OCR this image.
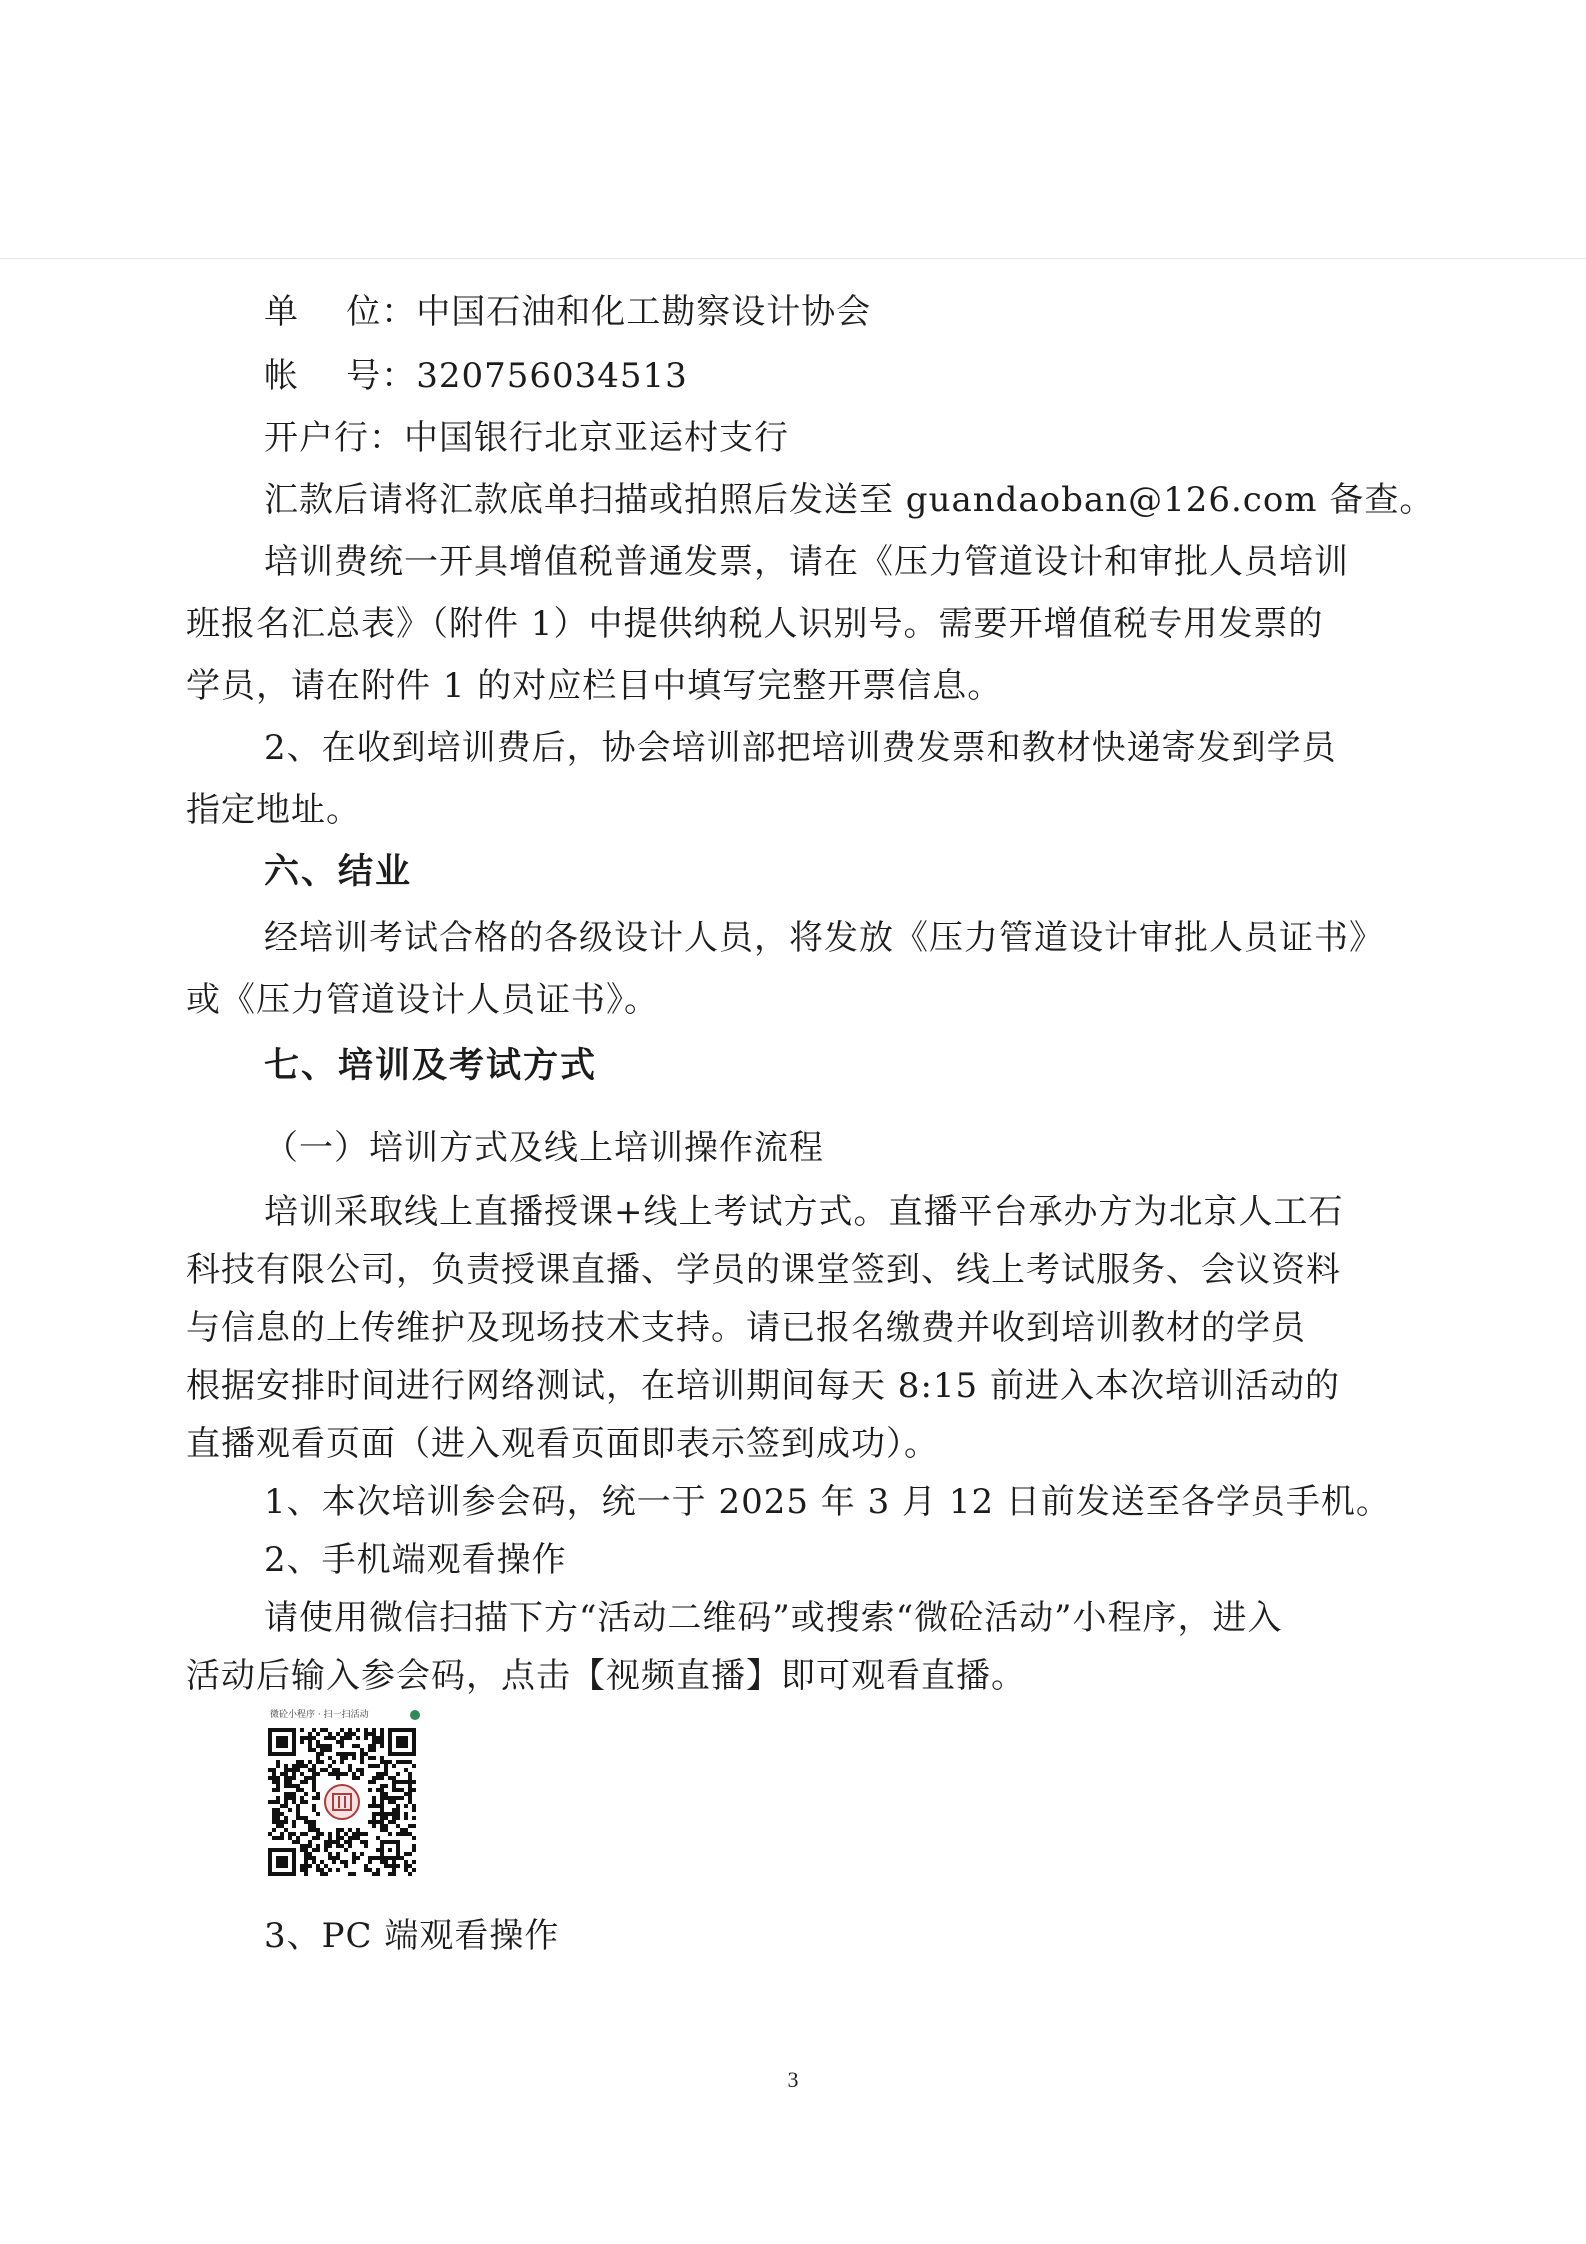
单    位：中国石油和化工勘察设计协会
帐    号：320756034513
开户行：中国银行北京亚运村支行
汇款后请将汇款底单扫描或拍照后发送至 guandaoban@126.com 备查。
培训费统一开具增值税普通发票，请在《压力管道设计和审批人员培训
班报名汇总表》（附件 1）中提供纳税人识别号。需要开增值税专用发票的
学员，请在附件 1 的对应栏目中填写完整开票信息。
2、在收到培训费后，协会培训部把培训费发票和教材快递寄发到学员
指定地址。
六、结业
经培训考试合格的各级设计人员，将发放《压力管道设计审批人员证书》
或《压力管道设计人员证书》。
七、培训及考试方式
（一）培训方式及线上培训操作流程
培训采取线上直播授课+线上考试方式。直播平台承办方为北京人工石
科技有限公司，负责授课直播、学员的课堂签到、线上考试服务、会议资料
与信息的上传维护及现场技术支持。请已报名缴费并收到培训教材的学员
根据安排时间进行网络测试，在培训期间每天 8:15 前进入本次培训活动的
直播观看页面（进入观看页面即表示签到成功）。
1、本次培训参会码，统一于 2025 年 3 月 12 日前发送至各学员手机。
2、手机端观看操作
请使用微信扫描下方“活动二维码”或搜索“微砼活动”小程序，进入
活动后输入参会码，点击【视频直播】即可观看直播。
微砼小程序 · 扫一扫活动
3、PC 端观看操作
3
